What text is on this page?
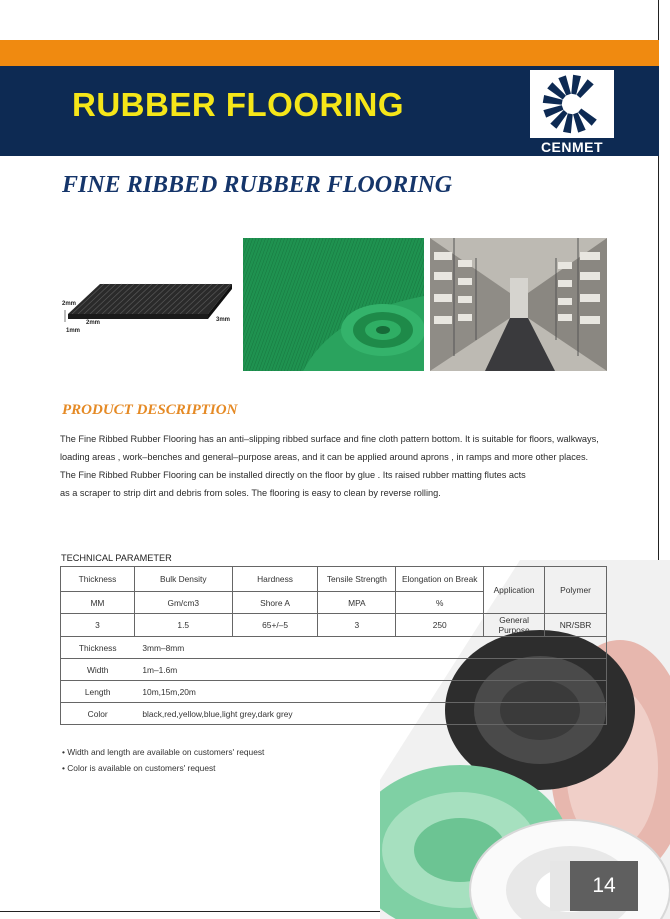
RUBBER FLOORING
CENMET
FINE RIBBED RUBBER FLOORING
2mm
2mm
1mm
3mm
PRODUCT DESCRIPTION

The Fine Ribbed Rubber Flooring has an anti–slipping ribbed surface and fine cloth pattern bottom. It is suitable for floors, walkways,

loading areas , work–benches and general–purpose areas, and it can be applied around aprons , in ramps and more other places.

The Fine Ribbed Rubber Flooring can be installed directly on the floor by glue . Its raised rubber matting flutes acts

as a scraper to strip dirt and debris from soles. The flooring is easy to clean by reverse rolling.

TECHNICAL PARAMETER
Thickness	Bulk Density	Hardness	Tensile Strength	Elongation on Break	Application	Polymer
MM	Gm/cm3	Shore A	MPA	%		
3	1.5	65+/–5	3	250	General Purpose	NR/SBR
Thickness	3mm–8mm					
Width	1m–1.6m					
Length	10m,15m,20m					
Color	black,red,yellow,blue,light grey,dark grey					
• Width and length are available on customers' request
• Color is available on customers' request
14
